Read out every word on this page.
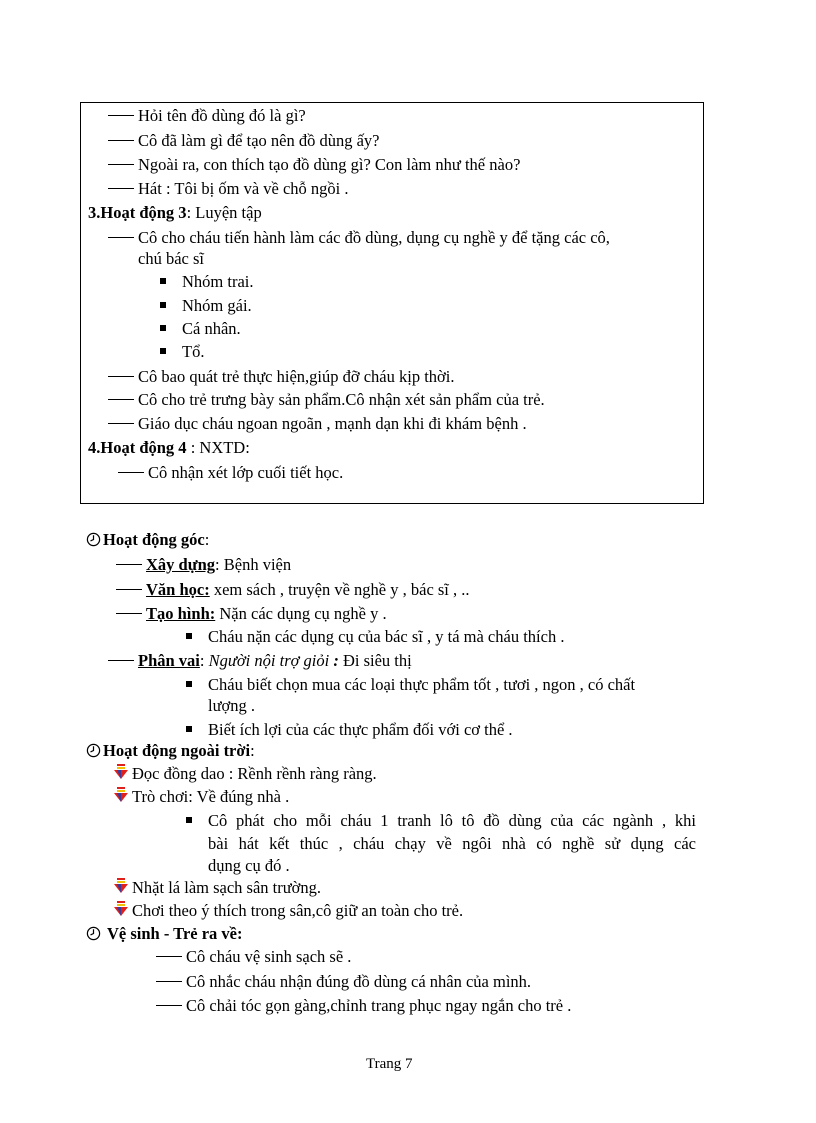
Hỏi tên đồ dùng đó là gì?
Cô đã làm gì để tạo nên đồ dùng ấy?
Ngoài ra, con thích tạo đồ dùng gì? Con làm như thế nào?
Hát : Tôi bị ốm và về chỗ ngồi .
3.Hoạt động 3: Luyện tập
Cô cho cháu tiến hành làm các đồ dùng, dụng cụ nghề y để tặng các cô,
chú bác sĩ
Nhóm trai.
Nhóm gái.
Cá nhân.
Tổ.
Cô bao quát trẻ thực hiện,giúp đỡ cháu kịp thời.
Cô cho trẻ trưng bày sản phẩm.Cô nhận xét sản phẩm của trẻ.
Giáo dục cháu ngoan ngoãn , mạnh dạn khi đi khám bệnh .
4.Hoạt động 4 : NXTD:
Cô nhận xét lớp cuối tiết học.
Hoạt động góc:
Xây dựng: Bệnh viện
Văn học: xem sách , truyện về nghề y , bác sĩ , ..
Tạo hình: Nặn các dụng cụ nghề y .
Cháu nặn các dụng cụ của bác sĩ , y tá mà cháu thích .
Phân vai: Người nội trợ giỏi : Đi siêu thị
Cháu biết chọn mua các loại thực phẩm tốt , tươi , ngon , có chất
lượng .
Biết ích lợi của các thực phẩm đối với cơ thể .
Hoạt động ngoài trời:
Đọc đồng dao : Rềnh rềnh ràng ràng.
Trò chơi: Về đúng nhà .
Cô phát cho mỗi cháu 1 tranh lô tô đồ dùng của các ngành , khi
bài hát kết thúc , cháu chạy về ngôi nhà có nghề sử dụng các
dụng cụ đó .
Nhặt lá làm sạch sân trường.
Chơi theo ý thích trong sân,cô giữ an toàn cho trẻ.
Vệ sinh - Trẻ ra về:
Cô cháu vệ sinh sạch sẽ .
Cô nhắc cháu nhận đúng đồ dùng cá nhân của mình.
Cô chải tóc gọn gàng,chỉnh trang phục ngay ngắn cho trẻ .
Trang 7
